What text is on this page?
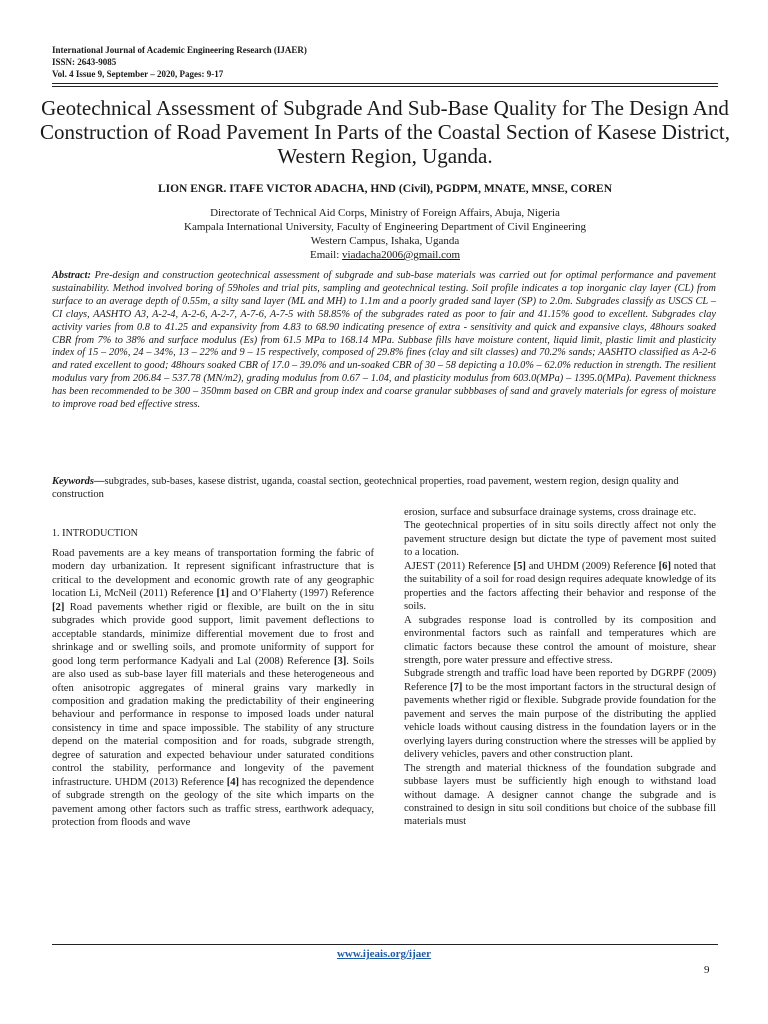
International Journal of Academic Engineering Research (IJAER)
ISSN: 2643-9085
Vol. 4 Issue 9, September – 2020, Pages: 9-17
Geotechnical Assessment of Subgrade And Sub-Base Quality for The Design And Construction of Road Pavement In Parts of the Coastal Section of Kasese District, Western Region, Uganda.
LION ENGR. ITAFE VICTOR ADACHA, HND (Civil), PGDPM, MNATE, MNSE, COREN
Directorate of Technical Aid Corps, Ministry of Foreign Affairs, Abuja, Nigeria
Kampala International University, Faculty of Engineering Department of Civil Engineering
Western Campus, Ishaka, Uganda
Email: viadacha2006@gmail.com
Abstract: Pre-design and construction geotechnical assessment of subgrade and sub-base materials was carried out for optimal performance and pavement sustainability. Method involved boring of 59holes and trial pits, sampling and geotechnical testing. Soil profile indicates a top inorganic clay layer (CL) from surface to an average depth of 0.55m, a silty sand layer (ML and MH) to 1.1m and a poorly graded sand layer (SP) to 2.0m. Subgrades classify as USCS CL – CI clays, AASHTO A3, A-2-4, A-2-6, A-2-7, A-7-6, A-7-5 with 58.85% of the subgrades rated as poor to fair and 41.15% good to excellent. Subgrades clay activity varies from 0.8 to 41.25 and expansivity from 4.83 to 68.90 indicating presence of extra - sensitivity and quick and expansive clays, 48hours soaked CBR from 7% to 38% and surface modulus (Es) from 61.5 MPa to 168.14 MPa. Subbase fills have moisture content, liquid limit, plastic limit and plasticity index of 15 – 20%, 24 – 34%, 13 – 22% and 9 – 15 respectively, composed of 29.8% fines (clay and silt classes) and 70.2% sands; AASHTO classified as A-2-6 and rated excellent to good; 48hours soaked CBR of 17.0 – 39.0% and un-soaked CBR of 30 – 58 depicting a 10.0% – 62.0% reduction in strength. The resilient modulus vary from 206.84 – 537.78 (MN/m2), grading modulus from 0.67 – 1.04, and plasticity modulus from 603.0(MPa) – 1395.0(MPa). Pavement thickness has been recommended to be 300 – 350mm based on CBR and group index and coarse granular subbbases of sand and gravely materials for egress of moisture to improve road bed effective stress.
Keywords—subgrades, sub-bases, kasese distrist, uganda, coastal section, geotechnical properties, road pavement, western region, design quality and construction
1. INTRODUCTION

Road pavements are a key means of transportation forming the fabric of modern day urbanization. It represent significant infrastructure that is critical to the development and economic growth rate of any geographic location Li, McNeil (2011) Reference [1] and O’Flaherty (1997) Reference [2] Road pavements whether rigid or flexible, are built on the in situ subgrades which provide good support, limit pavement deflections to acceptable standards, minimize differential movement due to frost and shrinkage and or swelling soils, and promote uniformity of support for good long term performance Kadyali and Lal (2008) Reference [3]. Soils are also used as sub-base layer fill materials and these heterogeneous and often anisotropic aggregates of mineral grains vary markedly in composition and gradation making the predictability of their engineering behaviour and performance in response to imposed loads under natural consistency in time and space impossible. The stability of any structure depend on the material composition and for roads, subgrade strength, degree of saturation and expected behaviour under saturated conditions control the stability, performance and longevity of the pavement infrastructure. UHDM (2013) Reference [4] has recognized the dependence of subgrade strength on the geology of the site which imparts on the pavement among other factors such as traffic stress, earthwork adequacy, protection from floods and wave

erosion, surface and subsurface drainage systems, cross drainage etc.

The geotechnical properties of in situ soils directly affect not only the pavement structure design but dictate the type of pavement most suited to a location.

AJEST (2011) Reference [5] and UHDM (2009) Reference [6] noted that the suitability of a soil for road design requires adequate knowledge of its properties and the factors affecting their behavior and response of the soils.

A subgrades response load is controlled by its composition and environmental factors such as rainfall and temperatures which are climatic factors because these control the amount of moisture, shear strength, pore water pressure and effective stress.

Subgrade strength and traffic load have been reported by DGRPF (2009) Reference [7] to be the most important factors in the structural design of pavements whether rigid or flexible. Subgrade provide foundation for the pavement and serves the main purpose of the distributing the applied vehicle loads without causing distress in the foundation layers or in the overlying layers during construction where the stresses will be applied by delivery vehicles, pavers and other construction plant.

The strength and material thickness of the foundation subgrade and subbase layers must be sufficiently high enough to withstand load without damage. A designer cannot change the subgrade and is constrained to design in situ soil conditions but choice of the subbase fill materials must

www.ijeais.org/ijaer
9
